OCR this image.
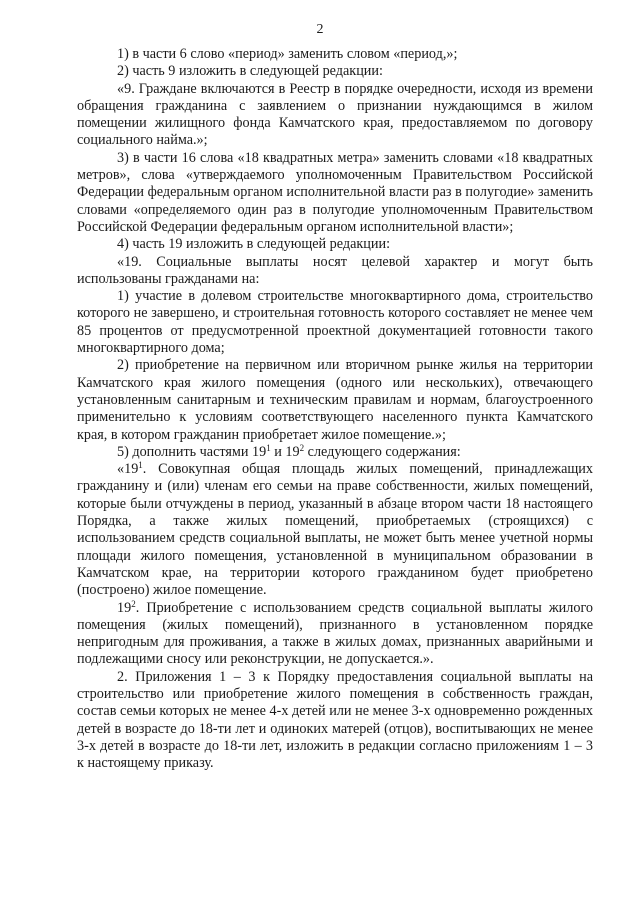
2

1) в части 6 слово «период» заменить словом «период,»;

2) часть 9 изложить в следующей редакции:

«9. Граждане включаются в Реестр в порядке очередности, исходя из времени обращения гражданина с заявлением о признании нуждающимся в жилом помещении жилищного фонда Камчатского края, предоставляемом по договору социального найма.»;

3) в части 16 слова «18 квадратных метра» заменить словами «18 квадратных метров», слова «утверждаемого уполномоченным Правительством Российской Федерации федеральным органом исполнительной власти раз в полугодие» заменить словами «определяемого один раз в полугодие уполномоченным Правительством Российской Федерации федеральным органом исполнительной власти»;

4) часть 19 изложить в следующей редакции:

«19. Социальные выплаты носят целевой характер и могут быть использованы гражданами на:

1) участие в долевом строительстве многоквартирного дома, строительство которого не завершено, и строительная готовность которого составляет не менее чем 85 процентов от предусмотренной проектной документацией готовности такого многоквартирного дома;

2) приобретение на первичном или вторичном рынке жилья на территории Камчатского края жилого помещения (одного или нескольких), отвечающего установленным санитарным и техническим правилам и нормам, благоустроенного применительно к условиям соответствующего населенного пункта Камчатского края, в котором гражданин приобретает жилое помещение.»;

5) дополнить частями $19^1$ и $19^2$ следующего содержания:

«$19^1$. Совокупная общая площадь жилых помещений, принадлежащих гражданину и (или) членам его семьи на праве собственности, жилых помещений, которые были отчуждены в период, указанный в абзаце втором части 18 настоящего Порядка, а также жилых помещений, приобретаемых (строящихся) с использованием средств социальной выплаты, не может быть менее учетной нормы площади жилого помещения, установленной в муниципальном образовании в Камчатском крае, на территории которого гражданином будет приобретено (построено) жилое помещение.

$19^2$. Приобретение с использованием средств социальной выплаты жилого помещения (жилых помещений), признанного в установленном порядке непригодным для проживания, а также в жилых домах, признанных аварийными и подлежащими сносу или реконструкции, не допускается.».

2. Приложения 1 – 3 к Порядку предоставления социальной выплаты на строительство или приобретение жилого помещения в собственность граждан, состав семьи которых не менее 4-х детей или не менее 3-х одновременно рожденных детей в возрасте до 18-ти лет и одиноких матерей (отцов), воспитывающих не менее 3-х детей в возрасте до 18-ти лет, изложить в редакции согласно приложениям 1 – 3 к настоящему приказу.
